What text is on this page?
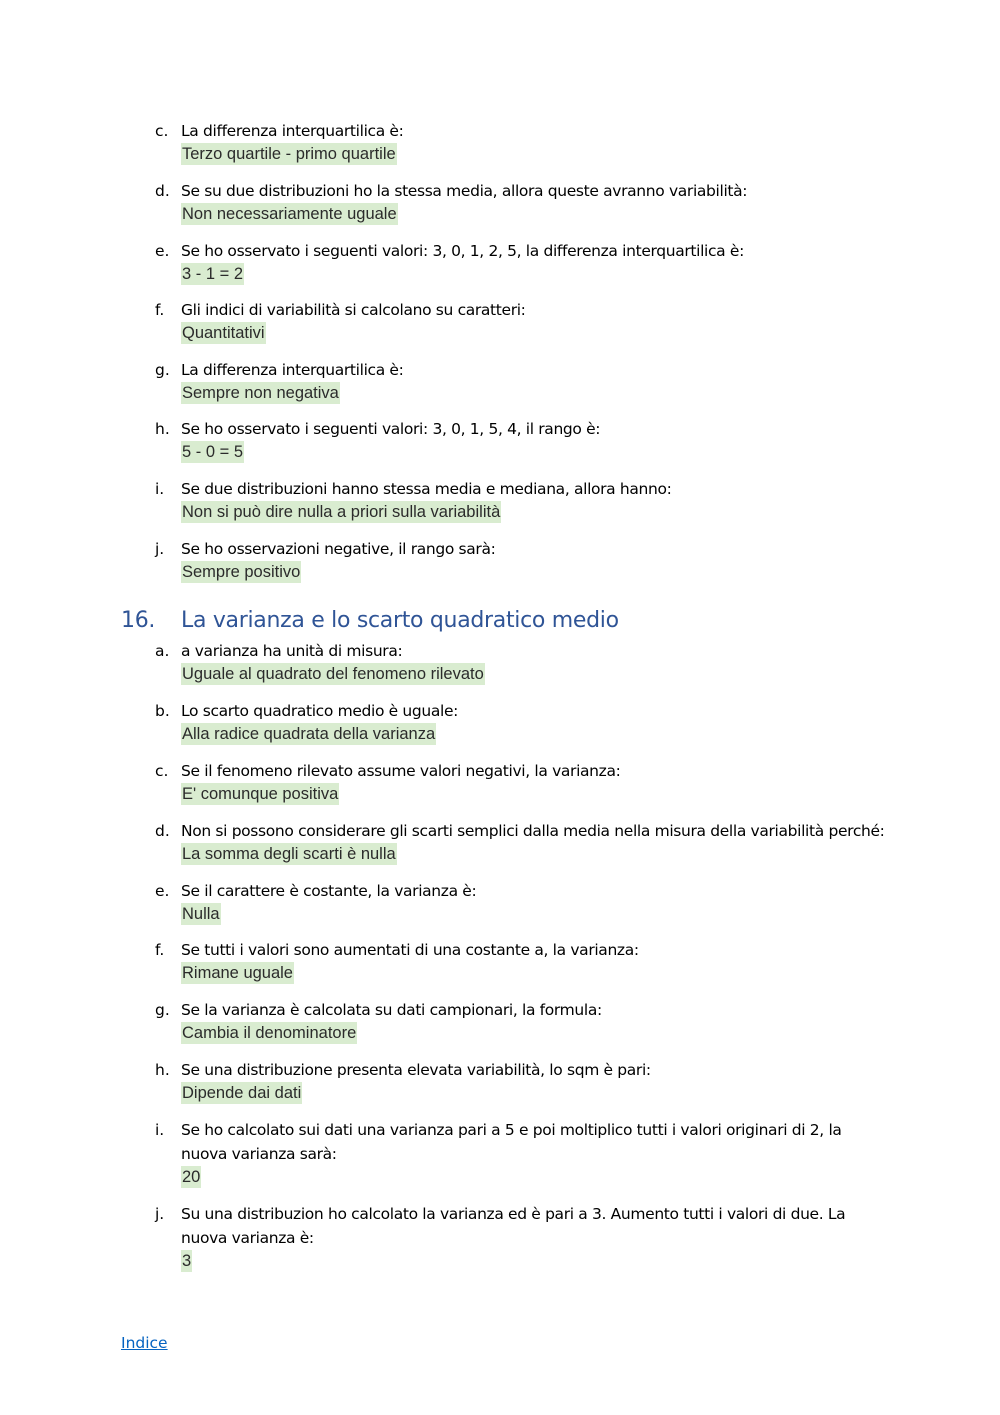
c. La differenza interquartilica è:
Terzo quartile - primo quartile
d. Se su due distribuzioni ho la stessa media, allora queste avranno variabilità:
Non necessariamente uguale
e. Se ho osservato i seguenti valori: 3, 0, 1, 2, 5, la differenza interquartilica è:
3 - 1 = 2
f. Gli indici di variabilità si calcolano su caratteri:
Quantitativi
g. La differenza interquartilica è:
Sempre non negativa
h. Se ho osservato i seguenti valori: 3, 0, 1, 5, 4, il rango è:
5 - 0 = 5
i. Se due distribuzioni hanno stessa media e mediana, allora hanno:
Non si può dire nulla a priori sulla variabilità
j. Se ho osservazioni negative, il rango sarà:
Sempre positivo
16. La varianza e lo scarto quadratico medio
a. a varianza ha unità di misura:
Uguale al quadrato del fenomeno rilevato
b. Lo scarto quadratico medio è uguale:
Alla radice quadrata della varianza
c. Se il fenomeno rilevato assume valori negativi, la varianza:
E' comunque positiva
d. Non si possono considerare gli scarti semplici dalla media nella misura della variabilità perché:
La somma degli scarti è nulla
e. Se il carattere è costante, la varianza è:
Nulla
f. Se tutti i valori sono aumentati di una costante a, la varianza:
Rimane uguale
g. Se la varianza è calcolata su dati campionari, la formula:
Cambia il denominatore
h. Se una distribuzione presenta elevata variabilità, lo sqm è pari:
Dipende dai dati
i. Se ho calcolato sui dati una varianza pari a 5 e poi moltiplico tutti i valori originari di 2, la nuova varianza sarà:
20
j. Su una distribuzion ho calcolato la varianza ed è pari a 3. Aumento tutti i valori di due. La nuova varianza è:
3
Indice
